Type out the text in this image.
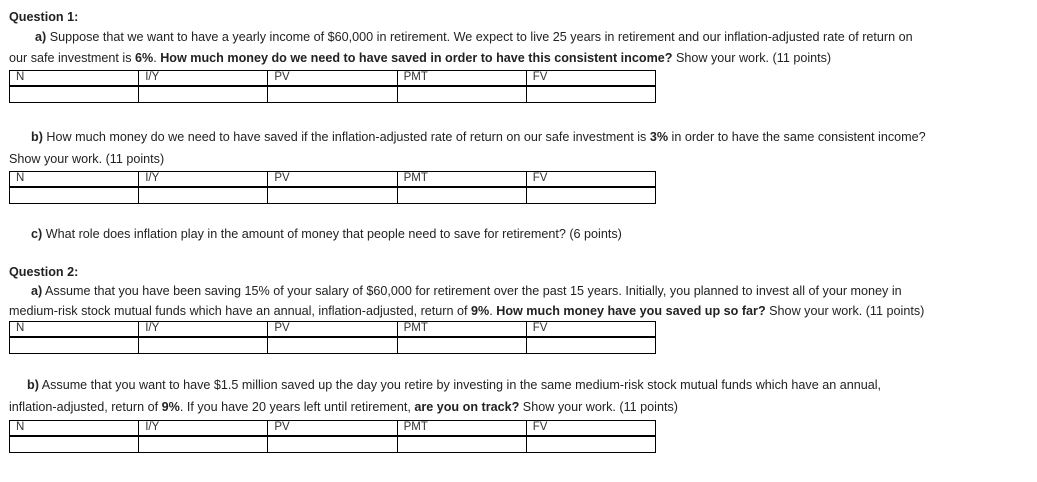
Question 1:
a) Suppose that we want to have a yearly income of $60,000 in retirement. We expect to live 25 years in retirement and our inflation-adjusted rate of return on
our safe investment is 6%. How much money do we need to have saved in order to have this consistent income? Show your work. (11 points)
N	I/Y	PV	PMT	FV

b) How much money do we need to have saved if the inflation-adjusted rate of return on our safe investment is 3% in order to have the same consistent income?
Show your work. (11 points)
N	I/Y	PV	PMT	FV

c) What role does inflation play in the amount of money that people need to save for retirement? (6 points)
Question 2:
a) Assume that you have been saving 15% of your salary of $60,000 for retirement over the past 15 years. Initially, you planned to invest all of your money in
medium-risk stock mutual funds which have an annual, inflation-adjusted, return of 9%. How much money have you saved up so far? Show your work. (11 points)
N	I/Y	PV	PMT	FV

b) Assume that you want to have $1.5 million saved up the day you retire by investing in the same medium-risk stock mutual funds which have an annual,
inflation-adjusted, return of 9%. If you have 20 years left until retirement, are you on track? Show your work. (11 points)
N	I/Y	PV	PMT	FV
